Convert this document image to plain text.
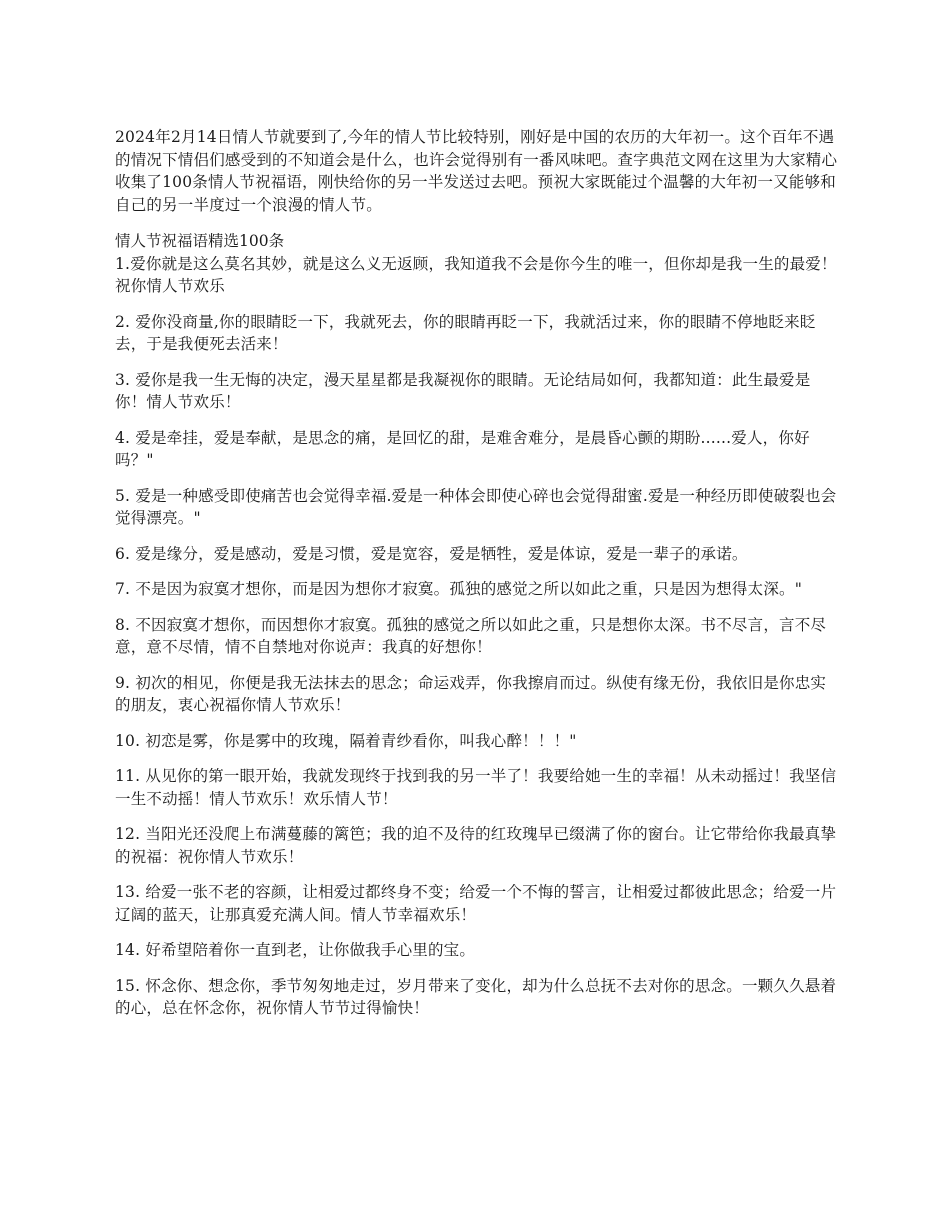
2024年2月14日情人节就要到了,今年的情人节比较特别，刚好是中国的农历的大年初一。这个百年不遇的情况下情侣们感受到的不知道会是什么，也许会觉得别有一番风味吧。查字典范文网在这里为大家精心收集了100条情人节祝福语，刚快给你的另一半发送过去吧。预祝大家既能过个温馨的大年初一又能够和自己的另一半度过一个浪漫的情人节。

情人节祝福语精选100条
1.爱你就是这么莫名其妙，就是这么义无返顾，我知道我不会是你今生的唯一，但你却是我一生的最爱！祝你情人节欢乐
2. 爱你没商量,你的眼睛眨一下，我就死去，你的眼睛再眨一下，我就活过来，你的眼睛不停地眨来眨去，于是我便死去活来！
3. 爱你是我一生无悔的决定，漫天星星都是我凝视你的眼睛。无论结局如何，我都知道：此生最爱是你！情人节欢乐！
4. 爱是牵挂，爱是奉献，是思念的痛，是回忆的甜，是难舍难分，是晨昏心颤的期盼......爱人，你好吗？"
5. 爱是一种感受即使痛苦也会觉得幸福.爱是一种体会即使心碎也会觉得甜蜜.爱是一种经历即使破裂也会觉得漂亮。"
6. 爱是缘分，爱是感动，爱是习惯，爱是宽容，爱是牺牲，爱是体谅，爱是一辈子的承诺。
7. 不是因为寂寞才想你，而是因为想你才寂寞。孤独的感觉之所以如此之重，只是因为想得太深。"
8. 不因寂寞才想你，而因想你才寂寞。孤独的感觉之所以如此之重，只是想你太深。书不尽言，言不尽意，意不尽情，情不自禁地对你说声：我真的好想你！
9. 初次的相见，你便是我无法抹去的思念；命运戏弄，你我擦肩而过。纵使有缘无份，我依旧是你忠实的朋友，衷心祝福你情人节欢乐！
10. 初恋是雾，你是雾中的玫瑰，隔着青纱看你，叫我心醉！！！"
11. 从见你的第一眼开始，我就发现终于找到我的另一半了！我要给她一生的幸福！从未动摇过！我坚信一生不动摇！情人节欢乐！欢乐情人节！
12. 当阳光还没爬上布满蔓藤的篱笆；我的迫不及待的红玫瑰早已缀满了你的窗台。让它带给你我最真挚的祝福：祝你情人节欢乐！
13. 给爱一张不老的容颜，让相爱过都终身不变；给爱一个不悔的誓言，让相爱过都彼此思念；给爱一片辽阔的蓝天，让那真爱充满人间。情人节幸福欢乐！
14. 好希望陪着你一直到老，让你做我手心里的宝。
15. 怀念你、想念你，季节匆匆地走过，岁月带来了变化，却为什么总抚不去对你的思念。一颗久久悬着的心，总在怀念你，祝你情人节节过得愉快！
